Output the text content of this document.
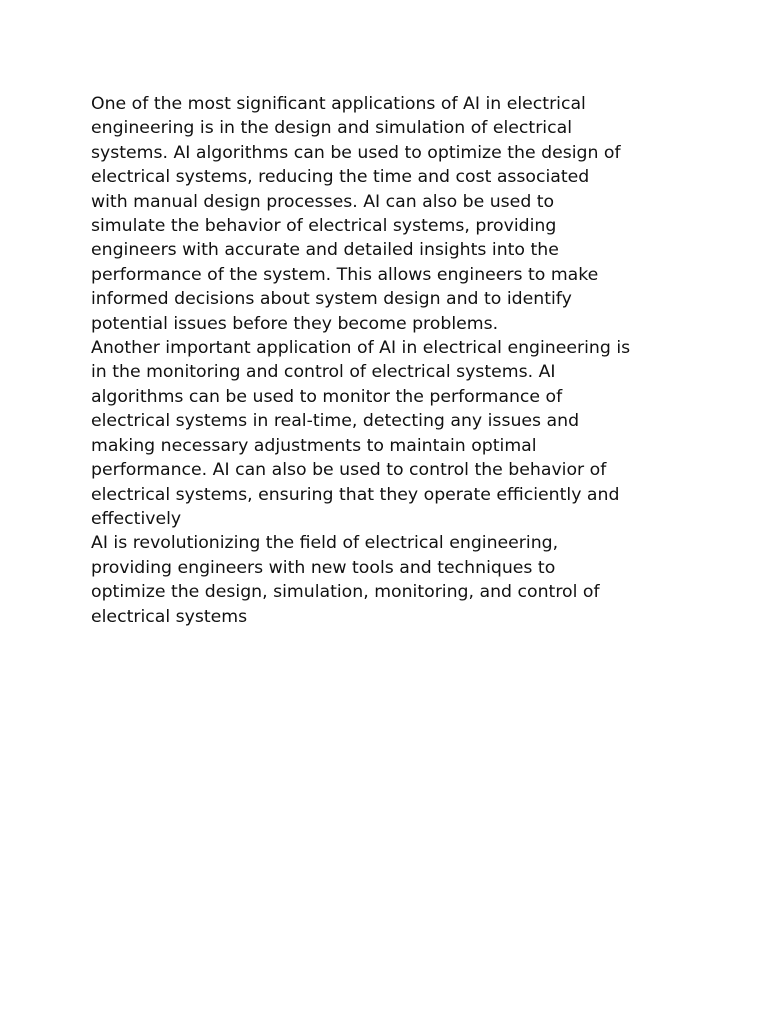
One of the most significant applications of AI in electrical
engineering is in the design and simulation of electrical
systems. AI algorithms can be used to optimize the design of
electrical systems, reducing the time and cost associated
with manual design processes. AI can also be used to
simulate the behavior of electrical systems, providing
engineers with accurate and detailed insights into the
performance of the system. This allows engineers to make
informed decisions about system design and to identify
potential issues before they become problems.

Another important application of AI in electrical engineering is
in the monitoring and control of electrical systems. AI
algorithms can be used to monitor the performance of
electrical systems in real-time, detecting any issues and
making necessary adjustments to maintain optimal
performance. AI can also be used to control the behavior of
electrical systems, ensuring that they operate efficiently and
effectively

AI is revolutionizing the field of electrical engineering,
providing engineers with new tools and techniques to
optimize the design, simulation, monitoring, and control of
electrical systems
